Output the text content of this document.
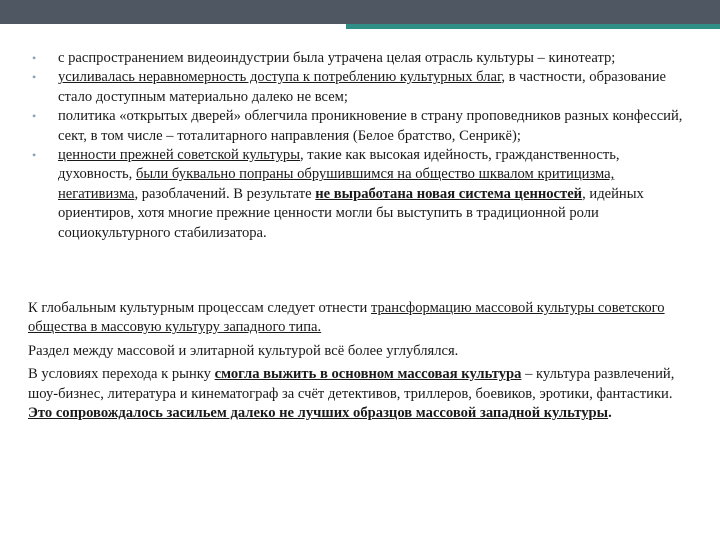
• с распространением видеоиндустрии была утрачена целая отрасль культуры – кинотеатр;
• усиливалась неравномерность доступа к потреблению культурных благ, в частности, образование стало доступным материально далеко не всем;
• политика «открытых дверей» облегчила проникновение в страну проповедников разных конфессий, сект, в том числе – тоталитарного направления (Белое братство, Сенрикё);
• ценности прежней советской культуры, такие как высокая идейность, гражданственность, духовность, были буквально попраны обрушившимся на общество шквалом критицизма, негативизма, разоблачений. В результате не выработана новая система ценностей, идейных ориентиров, хотя многие прежние ценности могли бы выступить в традиционной роли социокультурного стабилизатора.

К глобальным культурным процессам следует отнести трансформацию массовой культуры советского общества в массовую культуру западного типа.

Раздел между массовой и элитарной культурой всё более углублялся.

В условиях перехода к рынку смогла выжить в основном массовая культура – культура развлечений, шоу-бизнес, литература и кинематограф за счёт детективов, триллеров, боевиков, эротики, фантастики. Это сопровождалось засильем далеко не лучших образцов массовой западной культуры.
